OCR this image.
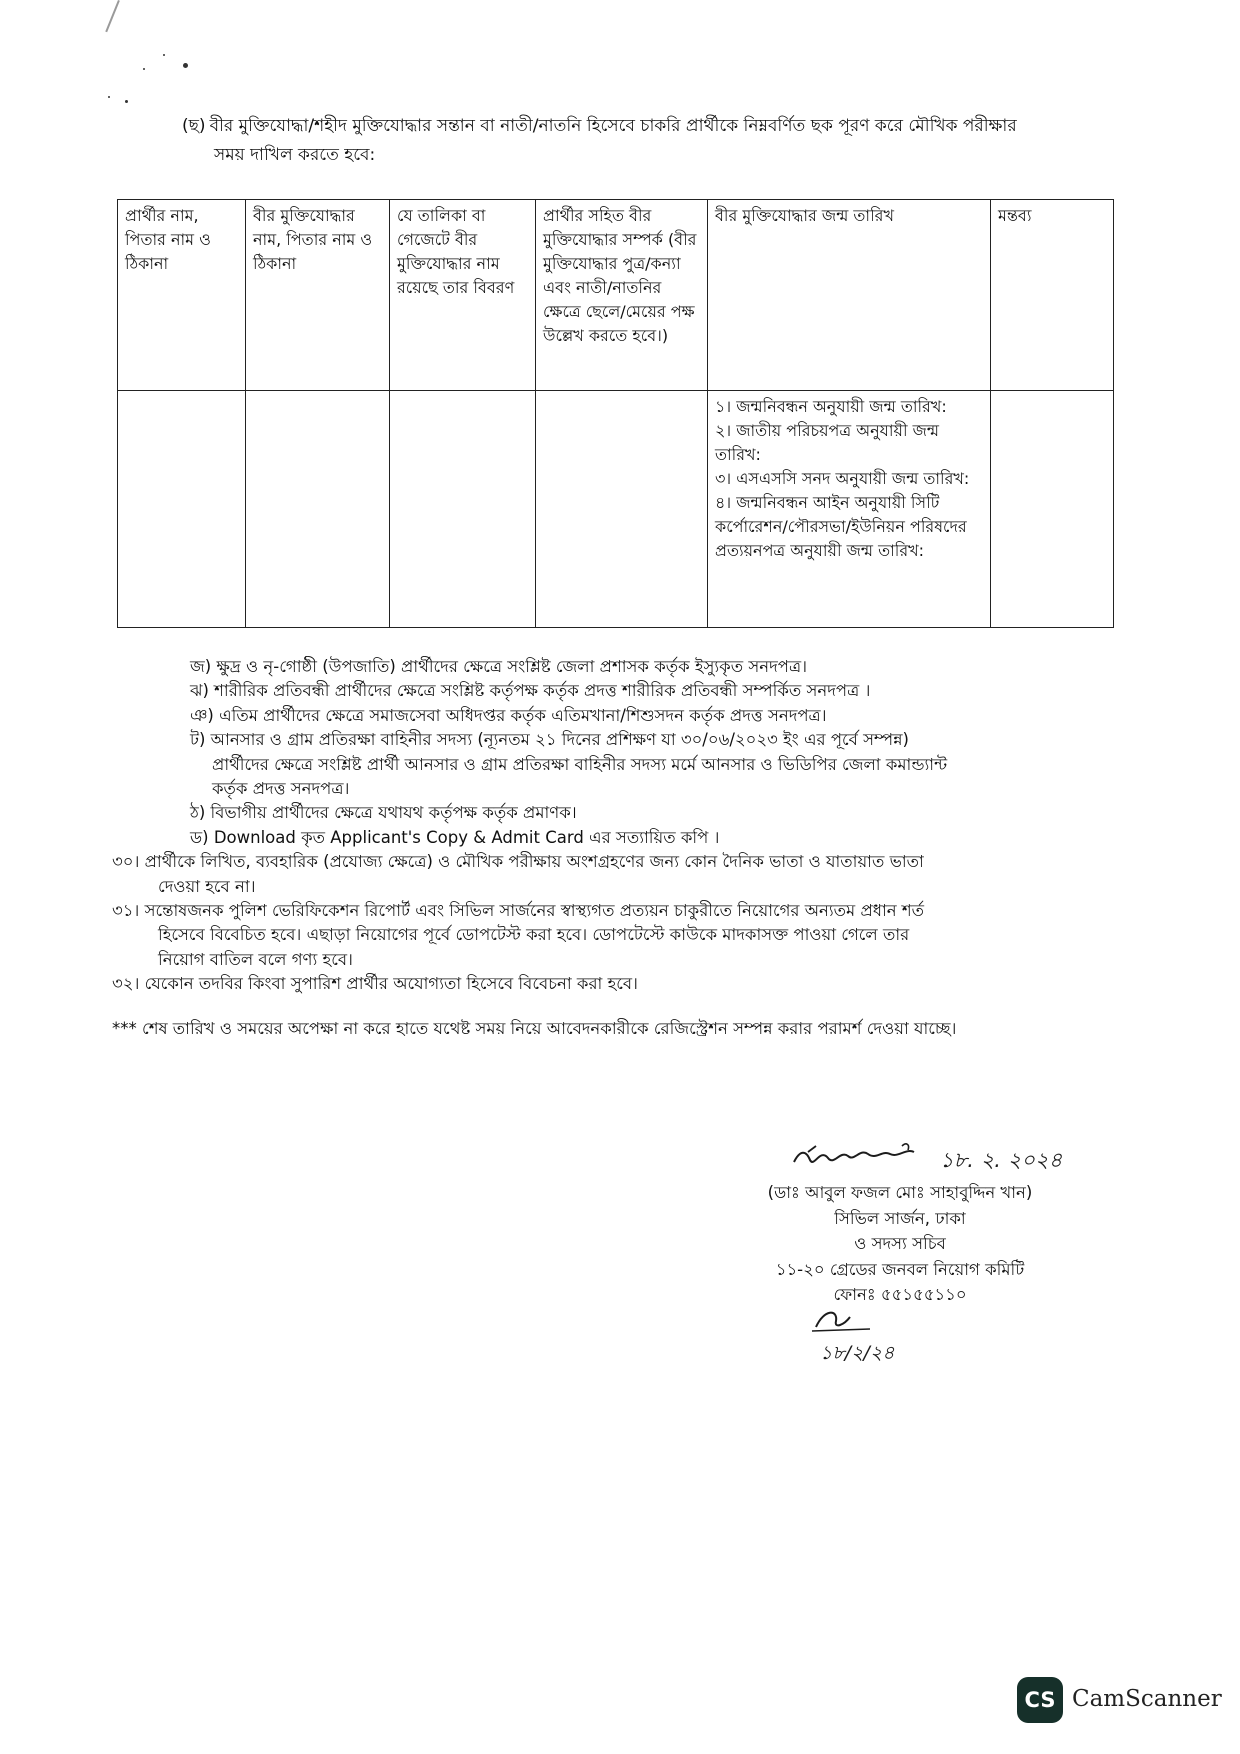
(ছ) বীর মুক্তিযোদ্ধা/শহীদ মুক্তিযোদ্ধার সন্তান বা নাতী/নাতনি হিসেবে চাকরি প্রার্থীকে নিম্নবর্ণিত ছক পূরণ করে মৌখিক পরীক্ষার
সময় দাখিল করতে হবে:
প্রার্থীর নাম, পিতার নাম ও ঠিকানা	বীর মুক্তিযোদ্ধার নাম, পিতার নাম ও ঠিকানা	যে তালিকা বা গেজেটে বীর মুক্তিযোদ্ধার নাম রয়েছে তার বিবরণ	প্রার্থীর সহিত বীর মুক্তিযোদ্ধার সম্পর্ক (বীর মুক্তিযোদ্ধার পুত্র/কন্যা এবং নাতী/নাতনির ক্ষেত্রে ছেলে/মেয়ের পক্ষ উল্লেখ করতে হবে।)	বীর মুক্তিযোদ্ধার জন্ম তারিখ	মন্তব্য

				১। জন্মনিবন্ধন অনুযায়ী জন্ম তারিখ:
২। জাতীয় পরিচয়পত্র অনুযায়ী জন্ম তারিখ:
৩। এসএসসি সনদ অনুযায়ী জন্ম তারিখ:
৪। জন্মনিবন্ধন আইন অনুযায়ী সিটি কর্পোরেশন/পৌরসভা/ইউনিয়ন পরিষদের প্রত্যয়নপত্র অনুযায়ী জন্ম তারিখ:	

জ) ক্ষুদ্র ও নৃ-গোষ্ঠী (উপজাতি) প্রার্থীদের ক্ষেত্রে সংশ্লিষ্ট জেলা প্রশাসক কর্তৃক ইস্যুকৃত সনদপত্র।
ঝ) শারীরিক প্রতিবন্ধী প্রার্থীদের ক্ষেত্রে সংশ্লিষ্ট কর্তৃপক্ষ কর্তৃক প্রদত্ত শারীরিক প্রতিবন্ধী সম্পর্কিত সনদপত্র ।
ঞ) এতিম প্রার্থীদের ক্ষেত্রে সমাজসেবা অধিদপ্তর কর্তৃক এতিমখানা/শিশুসদন কর্তৃক প্রদত্ত সনদপত্র।
ট) আনসার ও গ্রাম প্রতিরক্ষা বাহিনীর সদস্য (ন্যূনতম ২১ দিনের প্রশিক্ষণ যা ৩০/০৬/২০২৩ ইং এর পূর্বে সম্পন্ন)
প্রার্থীদের ক্ষেত্রে সংশ্লিষ্ট প্রার্থী আনসার ও গ্রাম প্রতিরক্ষা বাহিনীর সদস্য মর্মে আনসার ও ভিডিপির জেলা কমান্ড্যান্ট
কর্তৃক প্রদত্ত সনদপত্র।
ঠ) বিভাগীয় প্রার্থীদের ক্ষেত্রে যথাযথ কর্তৃপক্ষ কর্তৃক প্রমাণক।
ড) Download কৃত Applicant's Copy & Admit Card এর সত্যায়িত কপি ।
৩০। প্রার্থীকে লিখিত, ব্যবহারিক (প্রযোজ্য ক্ষেত্রে) ও মৌখিক পরীক্ষায় অংশগ্রহণের জন্য কোন দৈনিক ভাতা ও যাতায়াত ভাতা
দেওয়া হবে না।
৩১। সন্তোষজনক পুলিশ ভেরিফিকেশন রিপোর্ট এবং সিভিল সার্জনের স্বাস্থ্যগত প্রত্যয়ন চাকুরীতে নিয়োগের অন্যতম প্রধান শর্ত
হিসেবে বিবেচিত হবে। এছাড়া নিয়োগের পূর্বে ডোপটেস্ট করা হবে। ডোপটেস্টে কাউকে মাদকাসক্ত পাওয়া গেলে তার
নিয়োগ বাতিল বলে গণ্য হবে।
৩২। যেকোন তদবির কিংবা সুপারিশ প্রার্থীর অযোগ্যতা হিসেবে বিবেচনা করা হবে।
*** শেষ তারিখ ও সময়ের অপেক্ষা না করে হাতে যথেষ্ট সময় নিয়ে আবেদনকারীকে রেজিস্ট্রেশন সম্পন্ন করার পরামর্শ দেওয়া যাচ্ছে।
১৮. ২. ২০২৪
(ডাঃ আবুল ফজল মোঃ সাহাবুদ্দিন খান)
সিভিল সার্জন, ঢাকা
ও সদস্য সচিব
১১-২০ গ্রেডের জনবল নিয়োগ কমিটি
ফোনঃ ৫৫১৫৫১১০
১৮/২/২৪
CS CamScanner
